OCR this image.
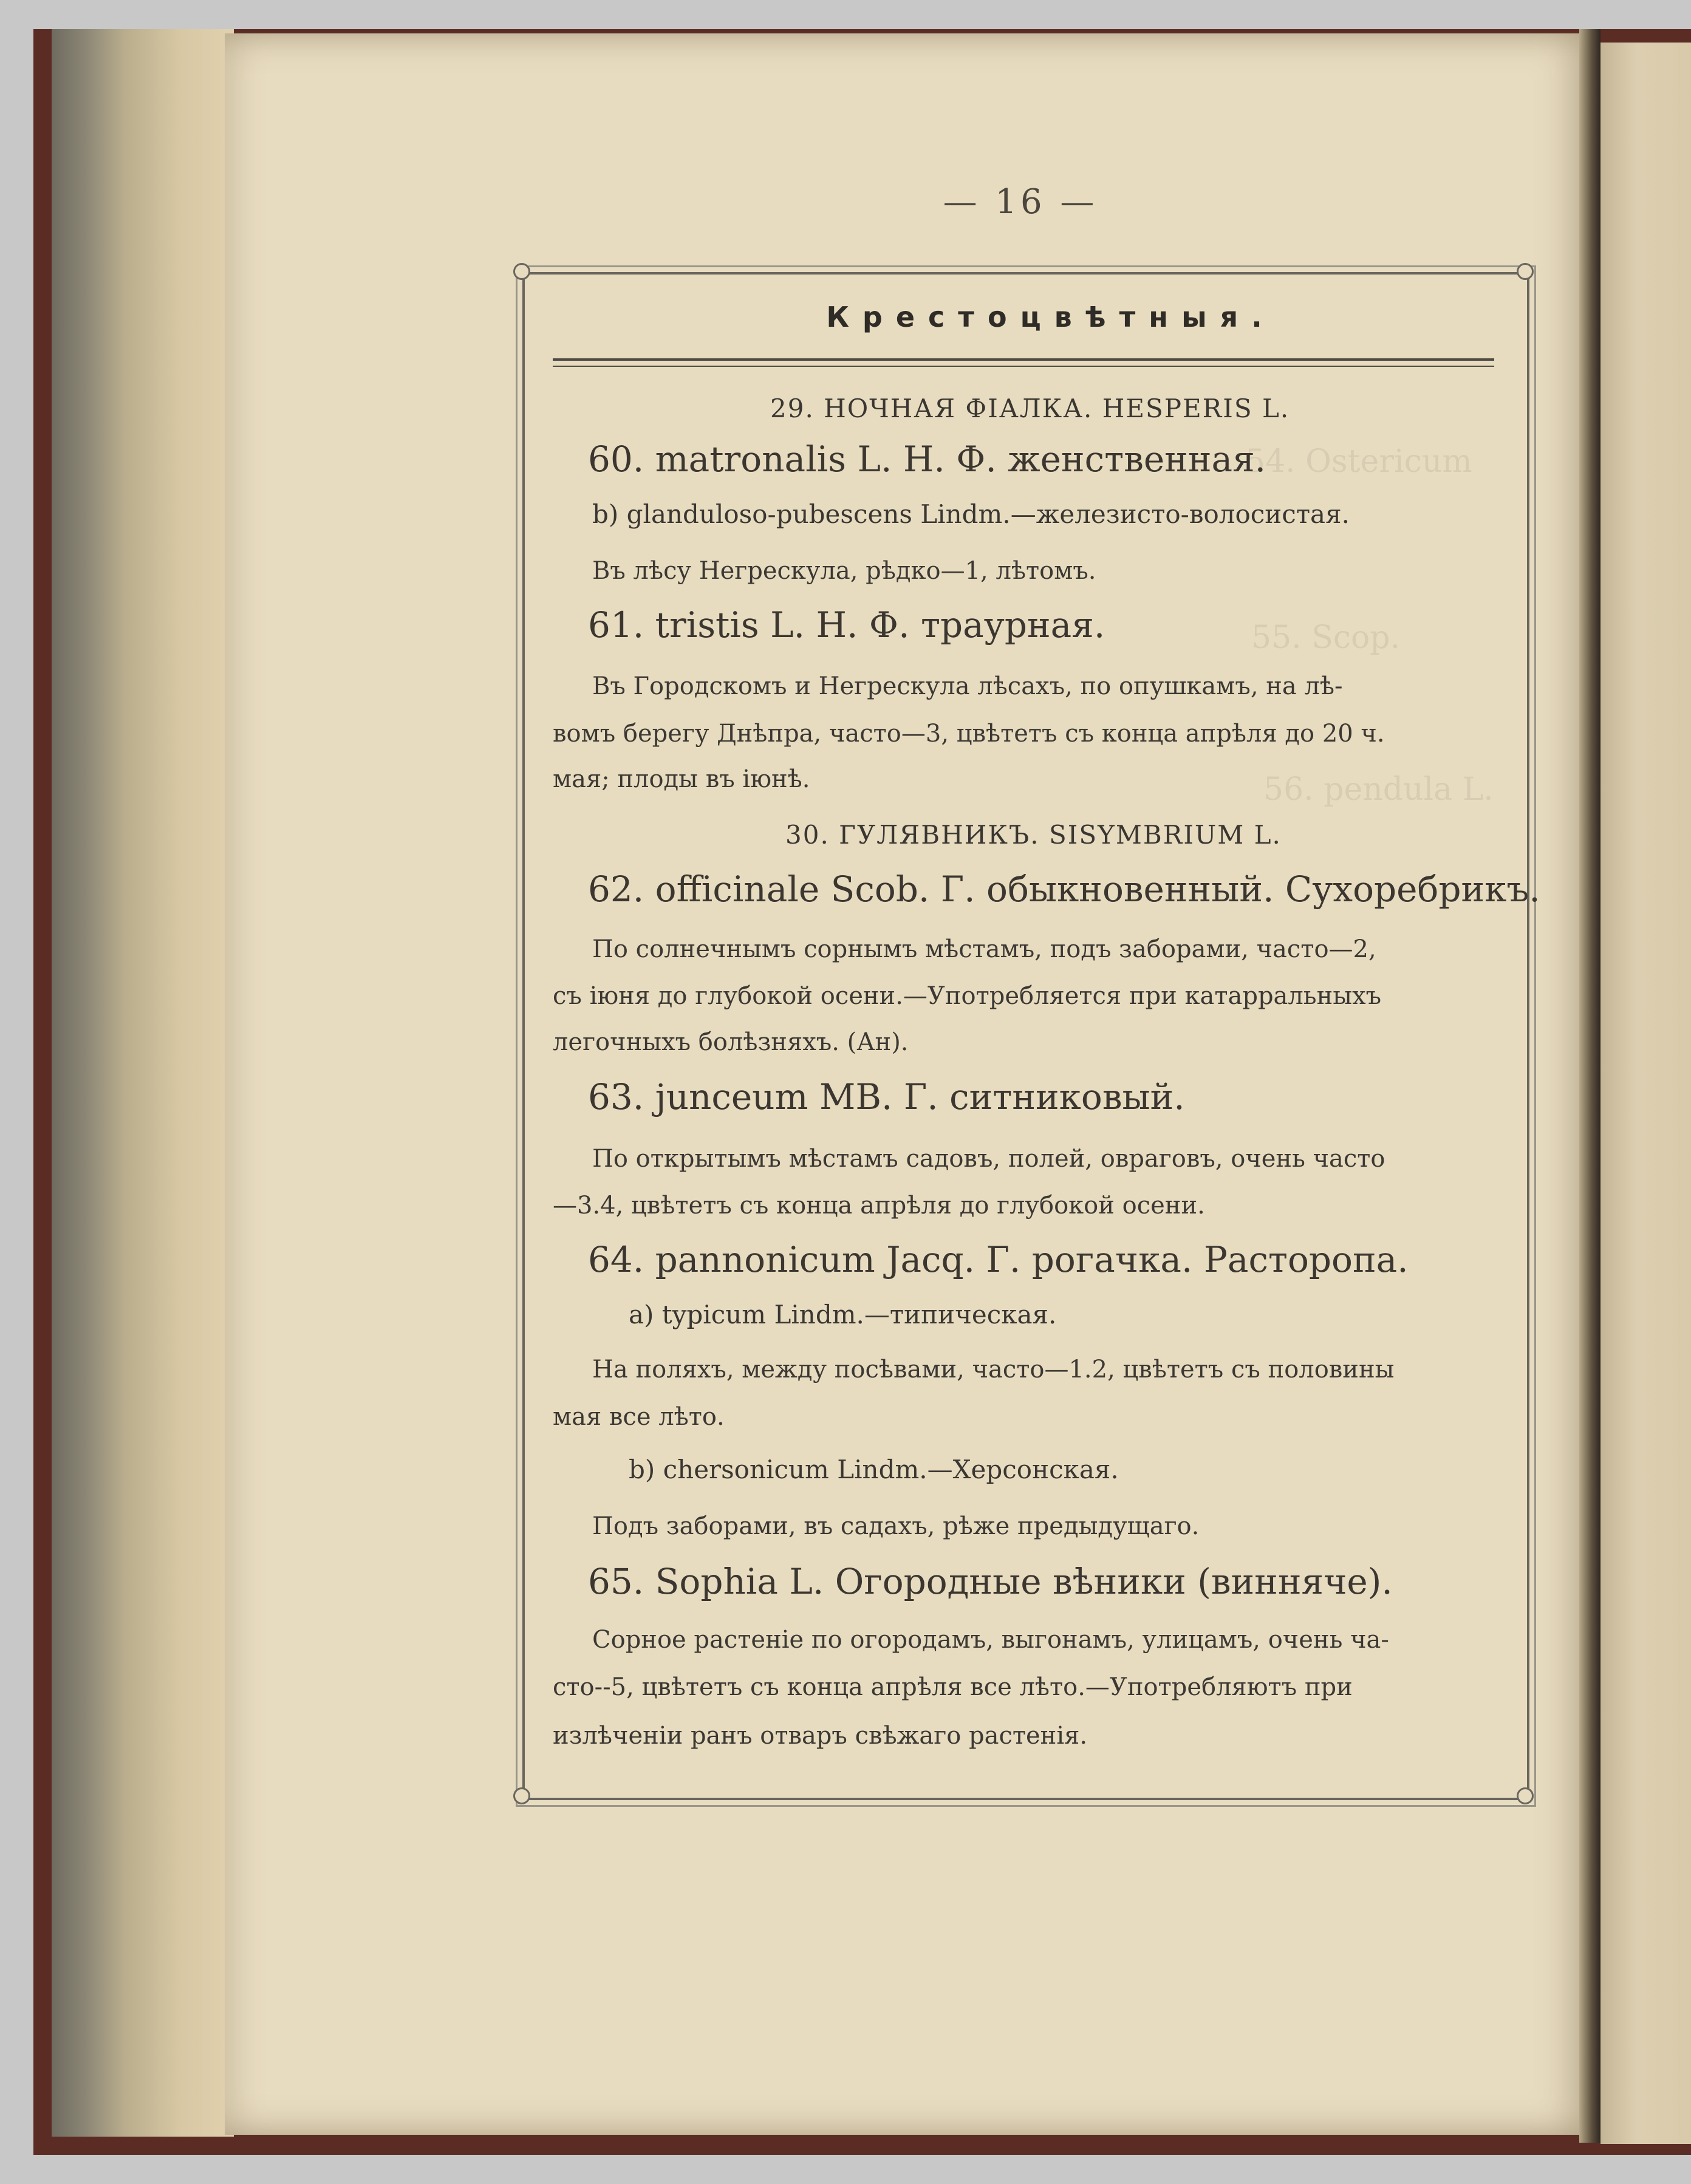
54. Ostericum
55. Scop.
56. pendula L.
— 16 —
Крестоцвѣтныя.
29. НОЧНАЯ ФІАЛКА. HESPERIS L.
60. matronalis L. Н. Ф. женственная.
b) glanduloso-pubescens Lindm.—железисто-волосистая.
Въ лѣсу Негрескула, рѣдко—1, лѣтомъ.
61. tristis L. Н. Ф. траурная.
Въ Городскомъ и Негрескула лѣсахъ, по опушкамъ, на лѣ-
вомъ берегу Днѣпра, часто—3, цвѣтетъ съ конца апрѣля до 20 ч.
мая; плоды въ іюнѣ.
30. ГУЛЯВНИКЪ. SISYMBRIUM L.
62. officinale Scob. Г. обыкновенный. Сухоребрикъ.
По солнечнымъ сорнымъ мѣстамъ, подъ заборами, часто—2,
съ іюня до глубокой осени.—Употребляется при катарральныхъ
легочныхъ болѣзняхъ. (Ан).
63. junceum MB. Г. ситниковый.
По открытымъ мѣстамъ садовъ, полей, овраговъ, очень часто
—3.4, цвѣтетъ съ конца апрѣля до глубокой осени.
64. pannonicum Jacq. Г. рогачка. Расторопа.
a) typicum Lindm.—типическая.
На поляхъ, между посѣвами, часто—1.2, цвѣтетъ съ половины
мая все лѣто.
b) chersonicum Lindm.—Херсонская.
Подъ заборами, въ садахъ, рѣже предыдущаго.
65. Sophia L. Огородные вѣники (винняче).
Сорное растеніе по огородамъ, выгонамъ, улицамъ, очень ча-
сто--5, цвѣтетъ съ конца апрѣля все лѣто.—Употребляютъ при
излѣченіи ранъ отваръ свѣжаго растенія.
